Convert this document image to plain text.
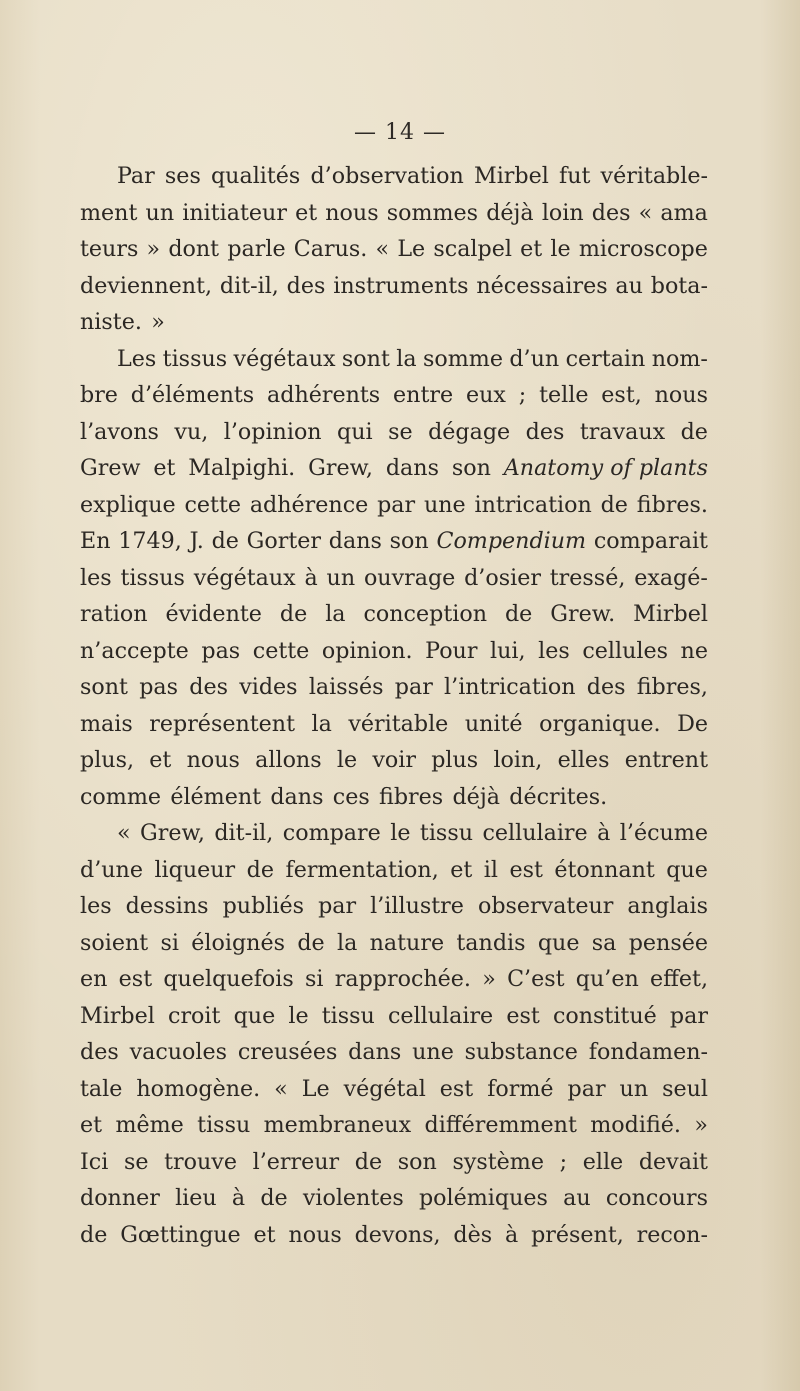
— 14 —
Par ses qualités d’observation Mirbel fut véritable-
ment un initiateur et nous sommes déjà loin des « ama
teurs » dont parle Carus. « Le scalpel et le microscope
deviennent, dit-il, des instruments nécessaires au bota-
niste. »
Les tissus végétaux sont la somme d’un certain nom-
bre d’éléments adhérents entre eux ; telle est, nous
l’avons vu, l’opinion qui se dégage des travaux de
Grew et Malpighi. Grew, dans son Anatomy of plants
explique cette adhérence par une intrication de fibres.
En 1749, J. de Gorter dans son Compendium comparait
les tissus végétaux à un ouvrage d’osier tressé, exagé-
ration évidente de la conception de Grew. Mirbel
n’accepte pas cette opinion. Pour lui, les cellules ne
sont pas des vides laissés par l’intrication des fibres,
mais représentent la véritable unité organique. De
plus, et nous allons le voir plus loin, elles entrent
comme élément dans ces fibres déjà décrites.
« Grew, dit-il, compare le tissu cellulaire à l’écume
d’une liqueur de fermentation, et il est étonnant que
les dessins publiés par l’illustre observateur anglais
soient si éloignés de la nature tandis que sa pensée
en est quelquefois si rapprochée. » C’est qu’en effet,
Mirbel croit que le tissu cellulaire est constitué par
des vacuoles creusées dans une substance fondamen-
tale homogène. « Le végétal est formé par un seul
et même tissu membraneux différemment modifié. »
Ici se trouve l’erreur de son système ; elle devait
donner lieu à de violentes polémiques au concours
de Gœttingue et nous devons, dès à présent, recon-
